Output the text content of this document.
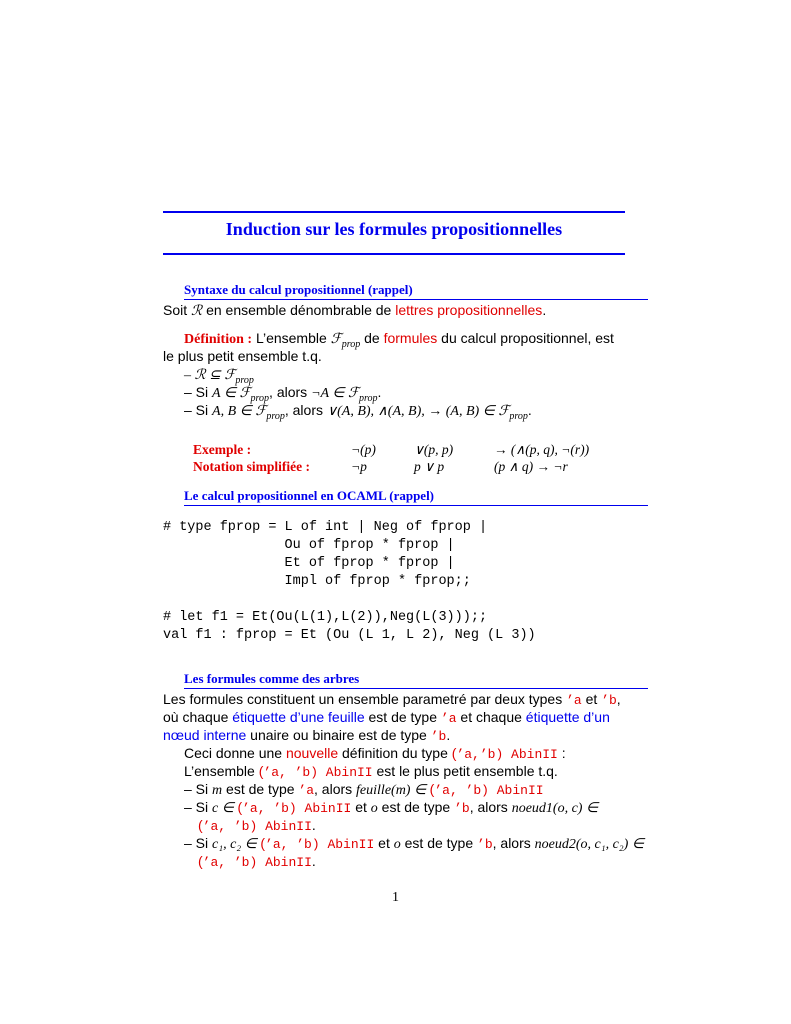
Induction sur les formules propositionnelles
Syntaxe du calcul propositionnel (rappel)
Soit ℛ en ensemble dénombrable de lettres propositionnelles.
Définition : L’ensemble ℱ$_{prop}$ de formules du calcul propositionnel, est
le plus petit ensemble t.q.
– ℛ ⊆ ℱ$_{prop}$
– Si A ∈ ℱ$_{prop}$, alors ¬A ∈ ℱ$_{prop}$.
– Si A, B ∈ ℱ$_{prop}$, alors ∨(A, B), ∧(A, B), → (A, B) ∈ ℱ$_{prop}$.
Exemple :	¬(p)	∨(p, p)	→ (∧(p, q), ¬(r))
Notation simplifiée :	¬p	p ∨ p	(p ∧ q) → ¬r
Le calcul propositionnel en OCAML (rappel)
# type fprop = L of int | Neg of fprop |
Ou of fprop * fprop |
Et of fprop * fprop |
Impl of fprop * fprop;;
# let f1 = Et(Ou(L(1),L(2)),Neg(L(3)));;
val f1 : fprop = Et (Ou (L 1, L 2), Neg (L 3))
Les formules comme des arbres
Les formules constituent un ensemble parametré par deux types ’a et ’b,
où chaque étiquette d’une feuille est de type ’a et chaque étiquette d’un
nœud interne unaire ou binaire est de type ’b.
Ceci donne une nouvelle définition du type (’a,’b) AbinII :
L’ensemble (’a, ’b) AbinII est le plus petit ensemble t.q.
– Si m est de type ’a, alors feuille(m) ∈ (’a, ’b) AbinII
– Si c ∈ (’a, ’b) AbinII et o est de type ’b, alors noeud1(o, c) ∈
(’a, ’b) AbinII.
– Si c₁, c₂ ∈ (’a, ’b) AbinII et o est de type ’b, alors noeud2(o, c₁, c₂) ∈
(’a, ’b) AbinII.
1
